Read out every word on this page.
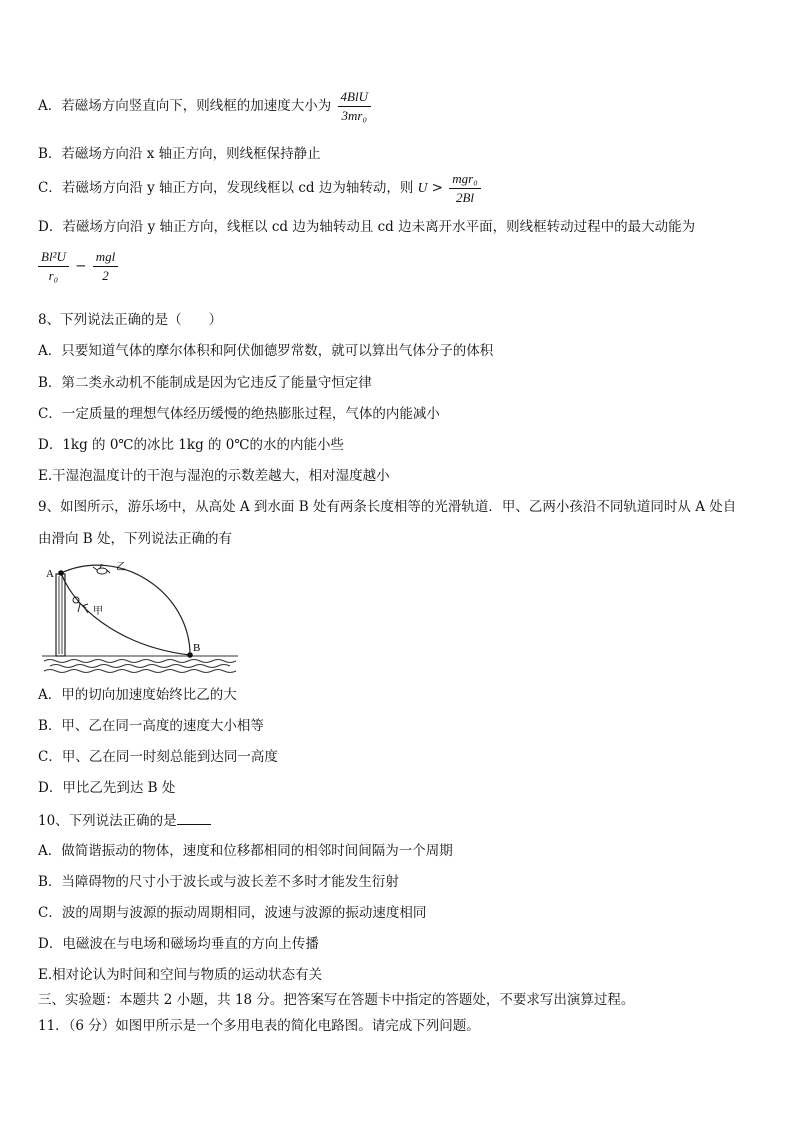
A．若磁场方向竖直向下，则线框的加速度大小为 $\frac{\text{4BlU}}{\text{3mr₀}}$
B．若磁场方向沿 x 轴正方向，则线框保持静止
C．若磁场方向沿 y 轴正方向，发现线框以 cd 边为轴转动，则 $U > \frac{\text{mgr₀}}{2Bl}$
D．若磁场方向沿 y 轴正方向，线框以 cd 边为轴转动且 cd 边未离开水平面，则线框转动过程中的最大动能为
$\frac{\text{Bl²U}}{\text{r₀}} - \frac{\text{mgl}}{2}$
8、下列说法正确的是（　　）
A．只要知道气体的摩尔体积和阿伏伽德罗常数，就可以算出气体分子的体积
B．第二类永动机不能制成是因为它违反了能量守恒定律
C．一定质量的理想气体经历缓慢的绝热膨胀过程，气体的内能减小
D．1kg 的 0℃的冰比 1kg 的 0℃的水的内能小些
E.干湿泡温度计的干泡与湿泡的示数差越大，相对湿度越小
9、如图所示，游乐场中，从高处 A 到水面 B 处有两条长度相等的光滑轨道．甲、乙两小孩沿不同轨道同时从 A 处自
由滑向 B 处，下列说法正确的有
A
B
甲
乙
A．甲的切向加速度始终比乙的大
B．甲、乙在同一高度的速度大小相等
C．甲、乙在同一时刻总能到达同一高度
D．甲比乙先到达 B 处
10、下列说法正确的是
A．做简谐振动的物体，速度和位移都相同的相邻时间间隔为一个周期
B．当障碍物的尺寸小于波长或与波长差不多时才能发生衍射
C．波的周期与波源的振动周期相同，波速与波源的振动速度相同
D．电磁波在与电场和磁场均垂直的方向上传播
E.相对论认为时间和空间与物质的运动状态有关
三、实验题：本题共 2 小题，共 18 分。把答案写在答题卡中指定的答题处，不要求写出演算过程。
11．（6 分）如图甲所示是一个多用电表的简化电路图。请完成下列问题。
